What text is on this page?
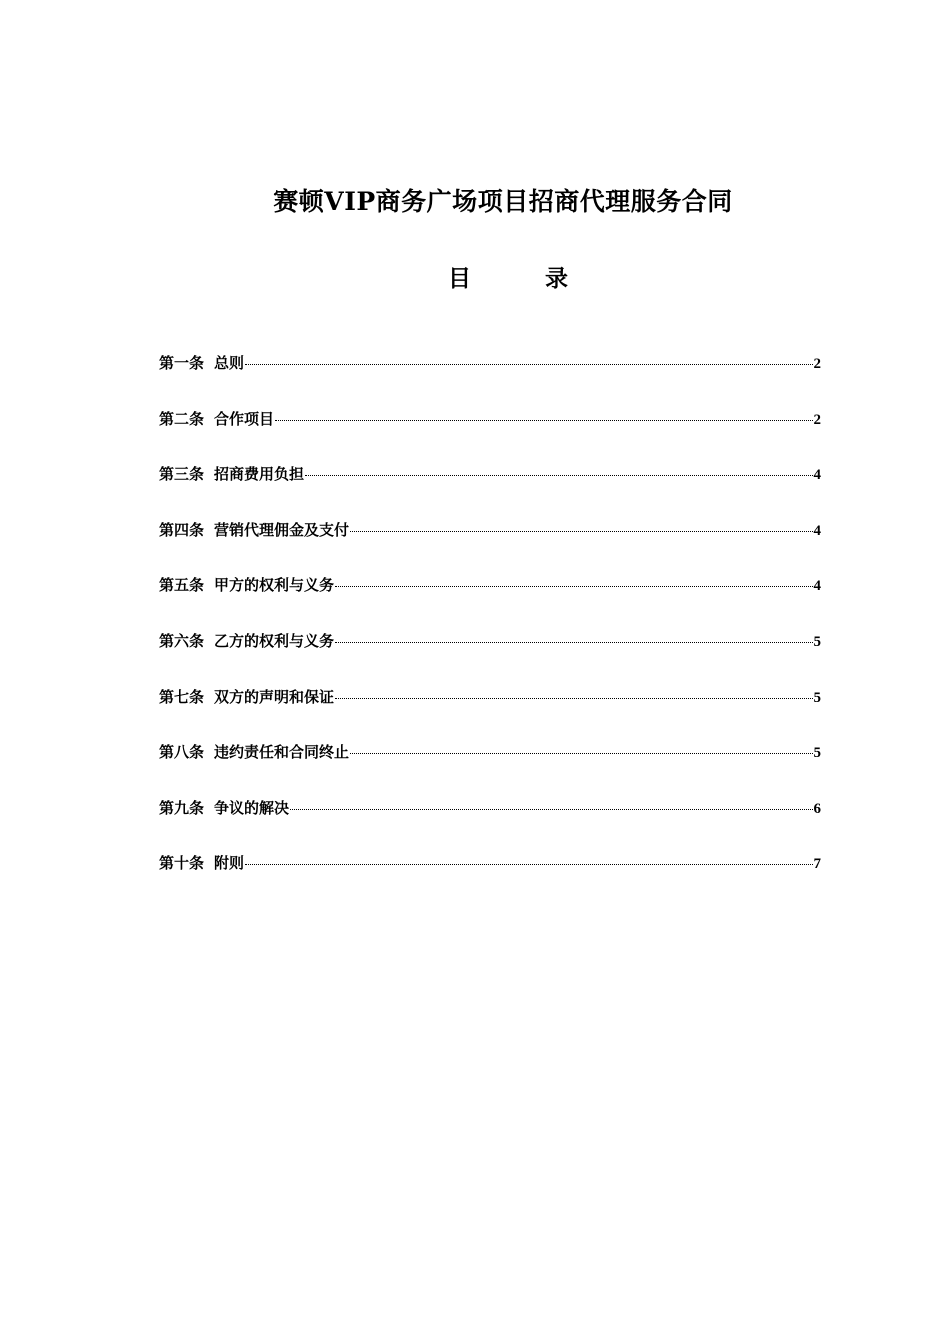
赛顿VIP商务广场项目招商代理服务合同
目	录
第一条 总则	2
第二条 合作项目	2
第三条 招商费用负担	4
第四条 营销代理佣金及支付	4
第五条 甲方的权利与义务	4
第六条 乙方的权利与义务	5
第七条 双方的声明和保证	5
第八条 违约责任和合同终止	5
第九条 争议的解决	6
第十条 附则	7
